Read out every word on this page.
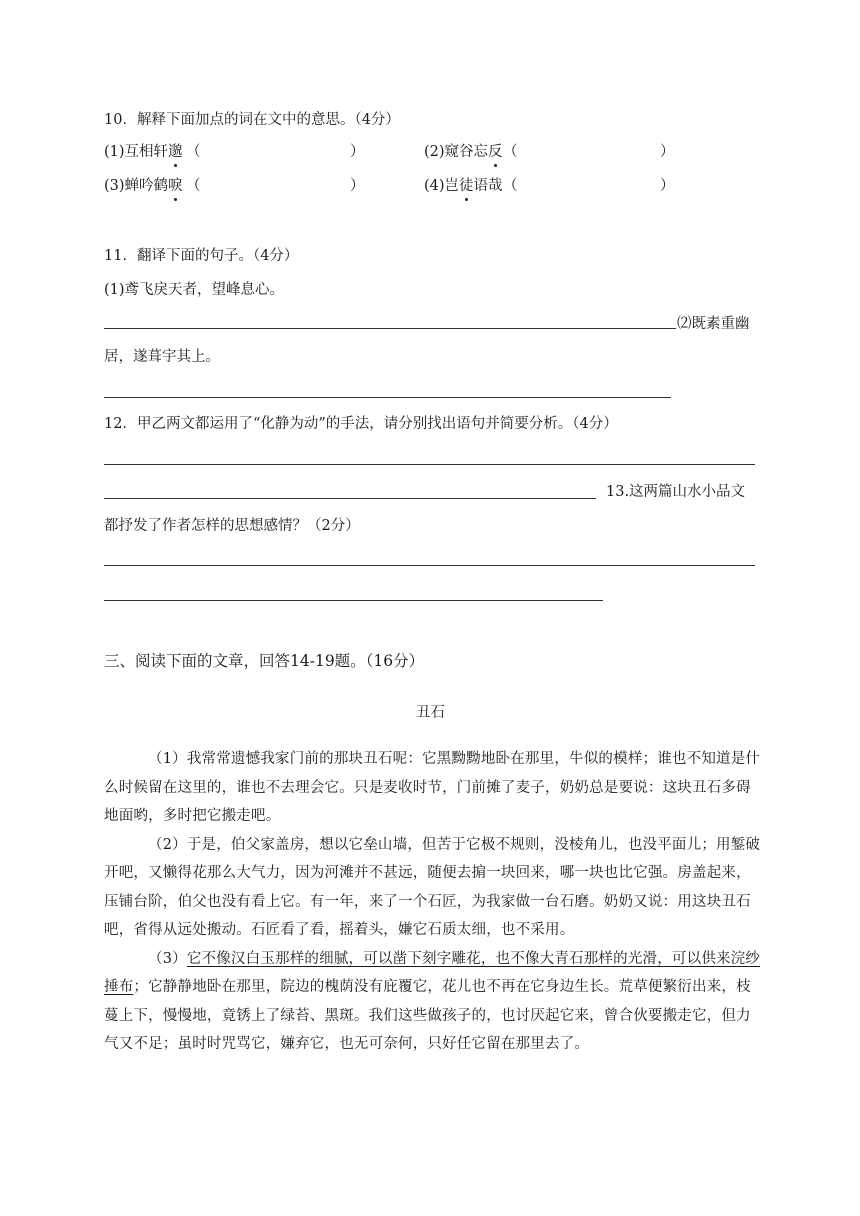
10．解释下面加点的词在文中的意思。（4分）
(1)互相轩邈 （	）	(2)窥谷忘反 （	）
(3)蝉吟鹤唳 （	）	(4)岂徒语哉 （	）
11．翻译下面的句子。（4分）
(1)鸢飞戾天者，望峰息心。
⑵既素重幽
居，遂葺宇其上。
12．甲乙两文都运用了“化静为动”的手法，请分别找出语句并简要分析。（4分）
13.这两篇山水小品文
都抒发了作者怎样的思想感情？（2分）
三、阅读下面的文章，回答14-19题。（16分）
丑石

（1）我常常遗憾我家门前的那块丑石呢：它黑黝黝地卧在那里，牛似的模样；谁也不知道是什么时候留在这里的，谁也不去理会它。只是麦收时节，门前摊了麦子，奶奶总是要说：这块丑石多碍地面哟，多时把它搬走吧。

（2）于是，伯父家盖房，想以它垒山墙，但苦于它极不规则，没棱角儿，也没平面儿；用錾破开吧，又懒得花那么大气力，因为河滩并不甚远，随便去掮一块回来，哪一块也比它强。房盖起来，压铺台阶，伯父也没有看上它。有一年，来了一个石匠，为我家做一台石磨。奶奶又说：用这块丑石吧，省得从远处搬动。石匠看了看，摇着头，嫌它石质太细，也不采用。

（3）它不像汉白玉那样的细腻，可以凿下刻字雕花，也不像大青石那样的光滑，可以供来浣纱捶布；它静静地卧在那里，院边的槐荫没有庇覆它，花儿也不再在它身边生长。荒草便繁衍出来，枝蔓上下，慢慢地，竟锈上了绿苔、黑斑。我们这些做孩子的，也讨厌起它来，曾合伙要搬走它，但力气又不足；虽时时咒骂它，嫌弃它，也无可奈何，只好任它留在那里去了。
